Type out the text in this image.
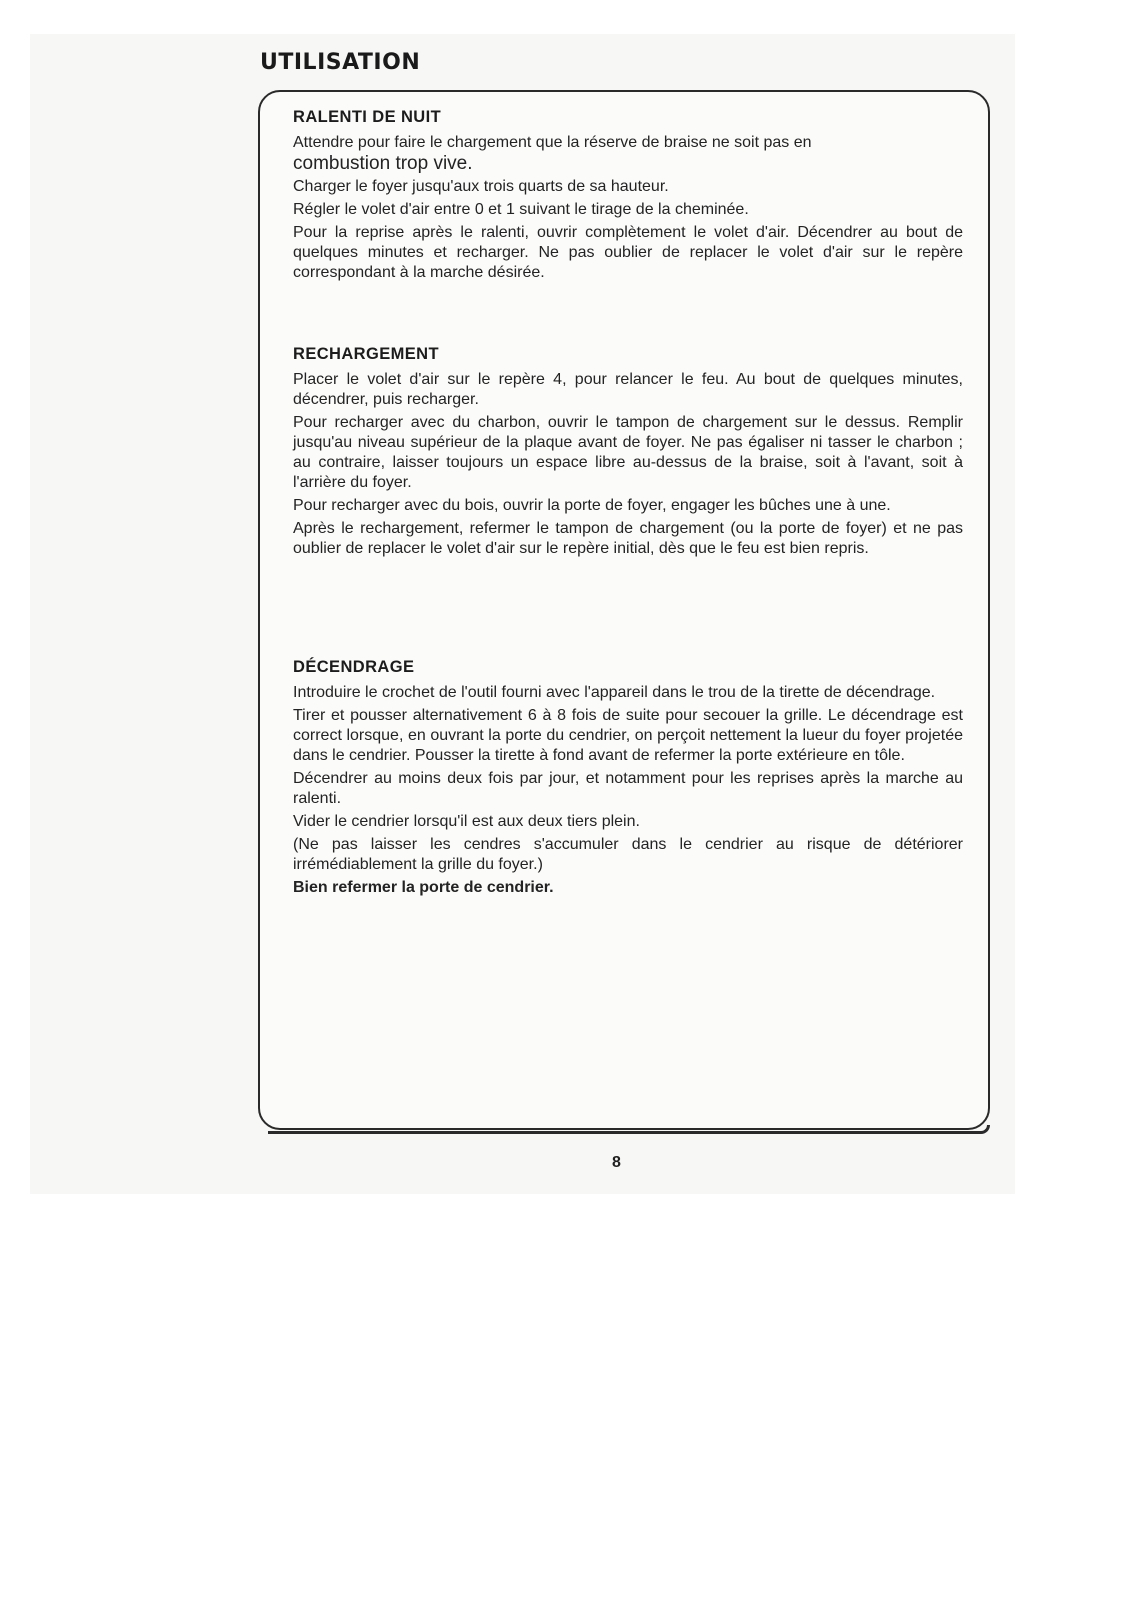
UTILISATION
RALENTI DE NUIT

Attendre pour faire le chargement que la réserve de braise ne soit pas en

combustion trop vive.

Charger le foyer jusqu'aux trois quarts de sa hauteur.

Régler le volet d'air entre 0 et 1 suivant le tirage de la cheminée.

Pour la reprise après le ralenti, ouvrir complètement le volet d'air. Décendrer au bout de quelques minutes et recharger. Ne pas oublier de replacer le volet d'air sur le repère correspondant à la marche désirée.

RECHARGEMENT

Placer le volet d'air sur le repère 4, pour relancer le feu. Au bout de quelques minutes, décendrer, puis recharger.

Pour recharger avec du charbon, ouvrir le tampon de chargement sur le dessus. Remplir jusqu'au niveau supérieur de la plaque avant de foyer. Ne pas égaliser ni tasser le charbon ; au contraire, laisser toujours un espace libre au-dessus de la braise, soit à l'avant, soit à l'arrière du foyer.

Pour recharger avec du bois, ouvrir la porte de foyer, engager les bûches une à une.

Après le rechargement, refermer le tampon de chargement (ou la porte de foyer) et ne pas oublier de replacer le volet d'air sur le repère initial, dès que le feu est bien repris.

DÉCENDRAGE

Introduire le crochet de l'outil fourni avec l'appareil dans le trou de la tirette de décendrage.

Tirer et pousser alternativement 6 à 8 fois de suite pour secouer la grille. Le décendrage est correct lorsque, en ouvrant la porte du cendrier, on perçoit nettement la lueur du foyer projetée dans le cendrier. Pousser la tirette à fond avant de refermer la porte extérieure en tôle.

Décendrer au moins deux fois par jour, et notamment pour les reprises après la marche au ralenti.

Vider le cendrier lorsqu'il est aux deux tiers plein.

(Ne pas laisser les cendres s'accumuler dans le cendrier au risque de détériorer irrémédiablement la grille du foyer.)

Bien refermer la porte de cendrier.

8
